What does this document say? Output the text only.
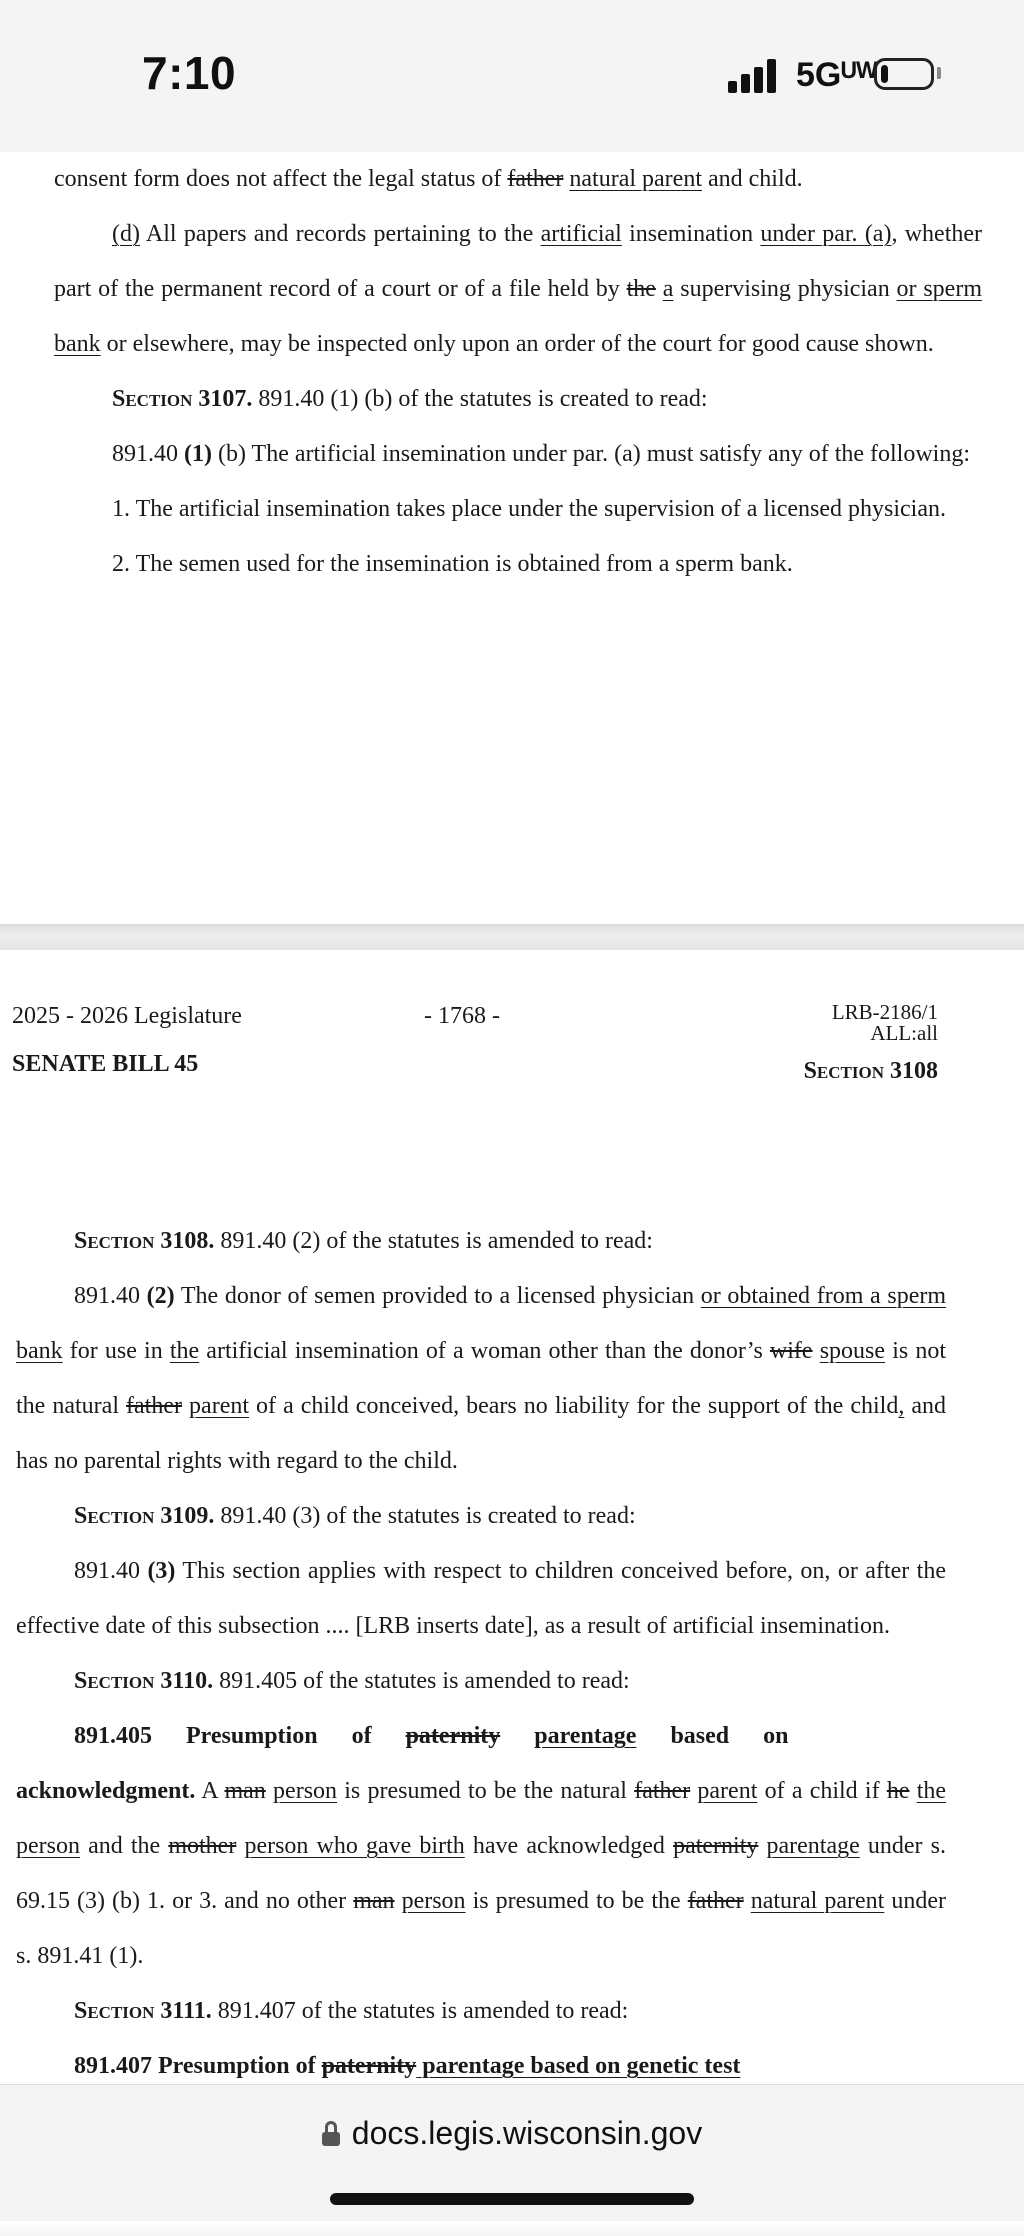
7:10	5Gᵁᵂ

consent form does not affect the legal status of father natural parent and child.

(d) All papers and records pertaining to the artificial insemination under par. (a), whether part of the permanent record of a court or of a file held by the a supervising physician or sperm bank or elsewhere, may be inspected only upon an order of the court for good cause shown.

Section 3107. 891.40 (1) (b) of the statutes is created to read:

891.40 (1) (b) The artificial insemination under par. (a) must satisfy any of the following:

1. The artificial insemination takes place under the supervision of a licensed physician.

2. The semen used for the insemination is obtained from a sperm bank.

2025 - 2026 Legislature
SENATE BILL 45
- 1768 -	LRB-2186/1
ALL:all
Section 3108

Section 3108. 891.40 (2) of the statutes is amended to read:

891.40 (2) The donor of semen provided to a licensed physician or obtained from a sperm bank for use in the artificial insemination of a woman other than the donor’s wife spouse is not the natural father parent of a child conceived, bears no liability for the support of the child, and has no parental rights with regard to the child.

Section 3109. 891.40 (3) of the statutes is created to read:

891.40 (3) This section applies with respect to children conceived before, on, or after the effective date of this subsection .... [LRB inserts date], as a result of artificial insemination.

Section 3110. 891.405 of the statutes is amended to read:

891.405 Presumption of paternity parentage based on acknowledgment. A man person is presumed to be the natural father parent of a child if he the person and the mother person who gave birth have acknowledged paternity parentage under s. 69.15 (3) (b) 1. or 3. and no other man person is presumed to be the father natural parent under s. 891.41 (1).

Section 3111. 891.407 of the statutes is amended to read:

891.407 Presumption of paternity parentage based on genetic test

docs.legis.wisconsin.gov
